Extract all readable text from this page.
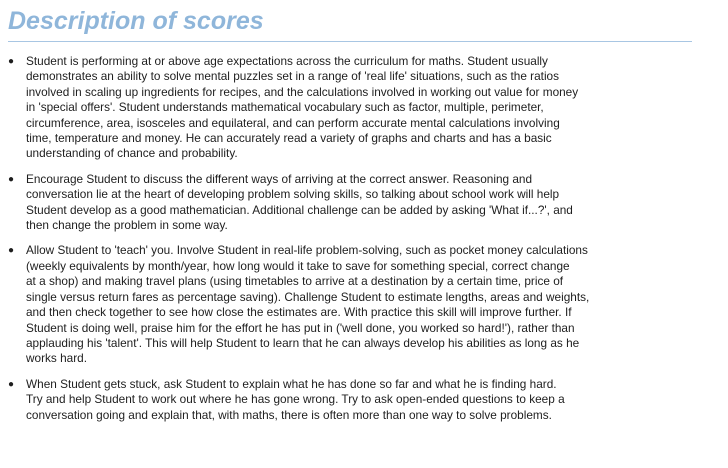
Description of scores
●	Student is performing at or above age expectations across the curriculum for maths. Student usually
demonstrates an ability to solve mental puzzles set in a range of 'real life' situations, such as the ratios
involved in scaling up ingredients for recipes, and the calculations involved in working out value for money
in 'special offers'. Student understands mathematical vocabulary such as factor, multiple, perimeter,
circumference, area, isosceles and equilateral, and can perform accurate mental calculations involving
time, temperature and money. He can accurately read a variety of graphs and charts and has a basic
understanding of chance and probability.
●	Encourage Student to discuss the different ways of arriving at the correct answer. Reasoning and
conversation lie at the heart of developing problem solving skills, so talking about school work will help
Student develop as a good mathematician. Additional challenge can be added by asking 'What if...?', and
then change the problem in some way.
●	Allow Student to 'teach' you. Involve Student in real-life problem-solving, such as pocket money calculations
(weekly equivalents by month/year, how long would it take to save for something special, correct change
at a shop) and making travel plans (using timetables to arrive at a destination by a certain time, price of
single versus return fares as percentage saving). Challenge Student to estimate lengths, areas and weights,
and then check together to see how close the estimates are. With practice this skill will improve further. If
Student is doing well, praise him for the effort he has put in ('well done, you worked so hard!'), rather than
applauding his 'talent'. This will help Student to learn that he can always develop his abilities as long as he
works hard.
●	When Student gets stuck, ask Student to explain what he has done so far and what he is finding hard.
Try and help Student to work out where he has gone wrong. Try to ask open-ended questions to keep a
conversation going and explain that, with maths, there is often more than one way to solve problems.
